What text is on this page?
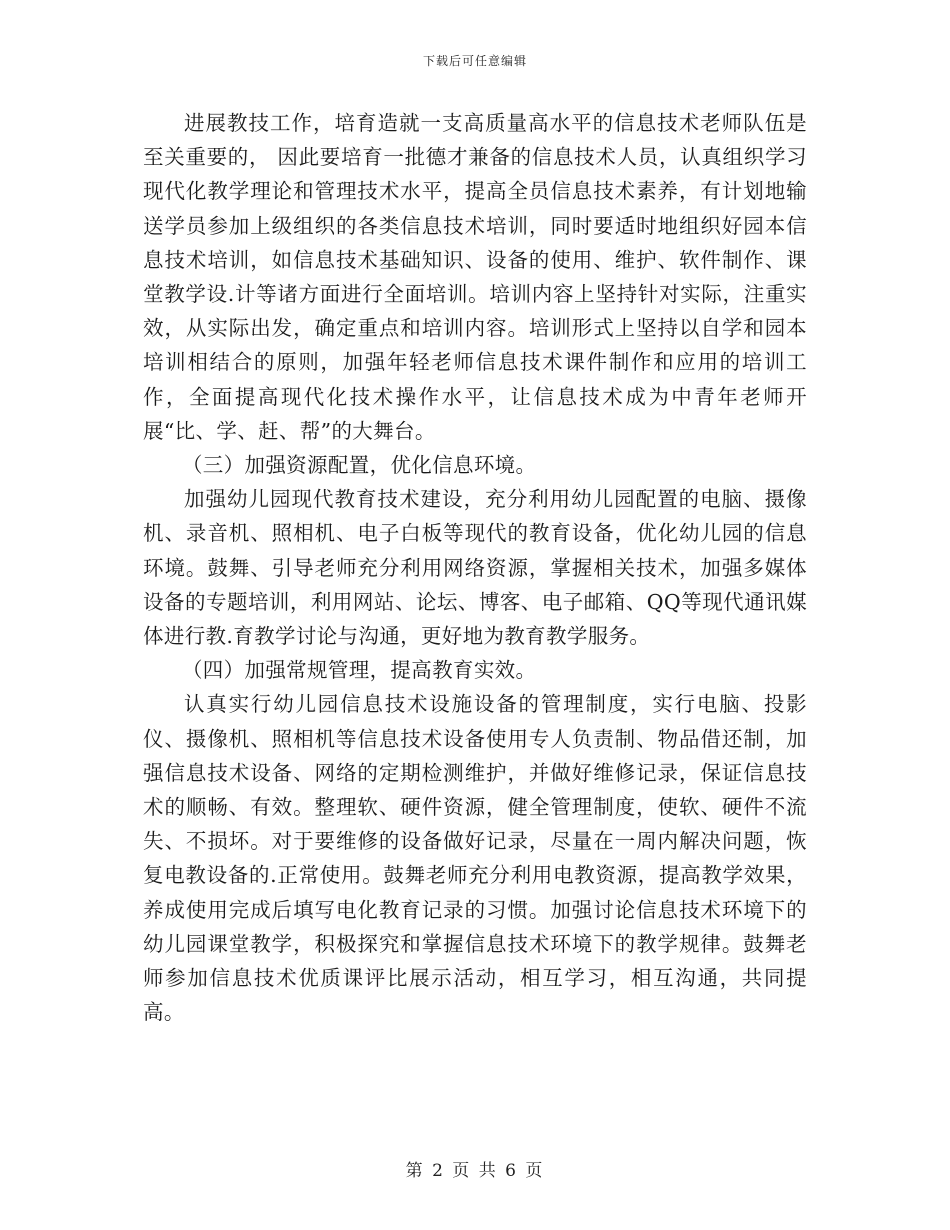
下载后可任意编辑

进展教技工作，培育造就一支高质量高水平的信息技术老师队伍是至关重要的， 因此要培育一批德才兼备的信息技术人员，认真组织学习现代化教学理论和管理技术水平，提高全员信息技术素养，有计划地输送学员参加上级组织的各类信息技术培训，同时要适时地组织好园本信息技术培训，如信息技术基础知识、设备的使用、维护、软件制作、课堂教学设.计等诸方面进行全面培训。培训内容上坚持针对实际，注重实效，从实际出发，确定重点和培训内容。培训形式上坚持以自学和园本培训相结合的原则，加强年轻老师信息技术课件制作和应用的培训工作，全面提高现代化技术操作水平，让信息技术成为中青年老师开展“比、学、赶、帮”的大舞台。

（三）加强资源配置，优化信息环境。

加强幼儿园现代教育技术建设，充分利用幼儿园配置的电脑、摄像机、录音机、照相机、电子白板等现代的教育设备，优化幼儿园的信息环境。鼓舞、引导老师充分利用网络资源，掌握相关技术，加强多媒体设备的专题培训，利用网站、论坛、博客、电子邮箱、QQ等现代通讯媒体进行教.育教学讨论与沟通，更好地为教育教学服务。

（四）加强常规管理，提高教育实效。

认真实行幼儿园信息技术设施设备的管理制度，实行电脑、投影仪、摄像机、照相机等信息技术设备使用专人负责制、物品借还制，加强信息技术设备、网络的定期检测维护，并做好维修记录，保证信息技术的顺畅、有效。整理软、硬件资源，健全管理制度，使软、硬件不流失、不损坏。对于要维修的设备做好记录，尽量在一周内解决问题，恢复电教设备的.正常使用。鼓舞老师充分利用电教资源，提高教学效果，养成使用完成后填写电化教育记录的习惯。加强讨论信息技术环境下的幼儿园课堂教学，积极探究和掌握信息技术环境下的教学规律。鼓舞老师参加信息技术优质课评比展示活动，相互学习，相互沟通，共同提高。

第 2 页 共 6 页
